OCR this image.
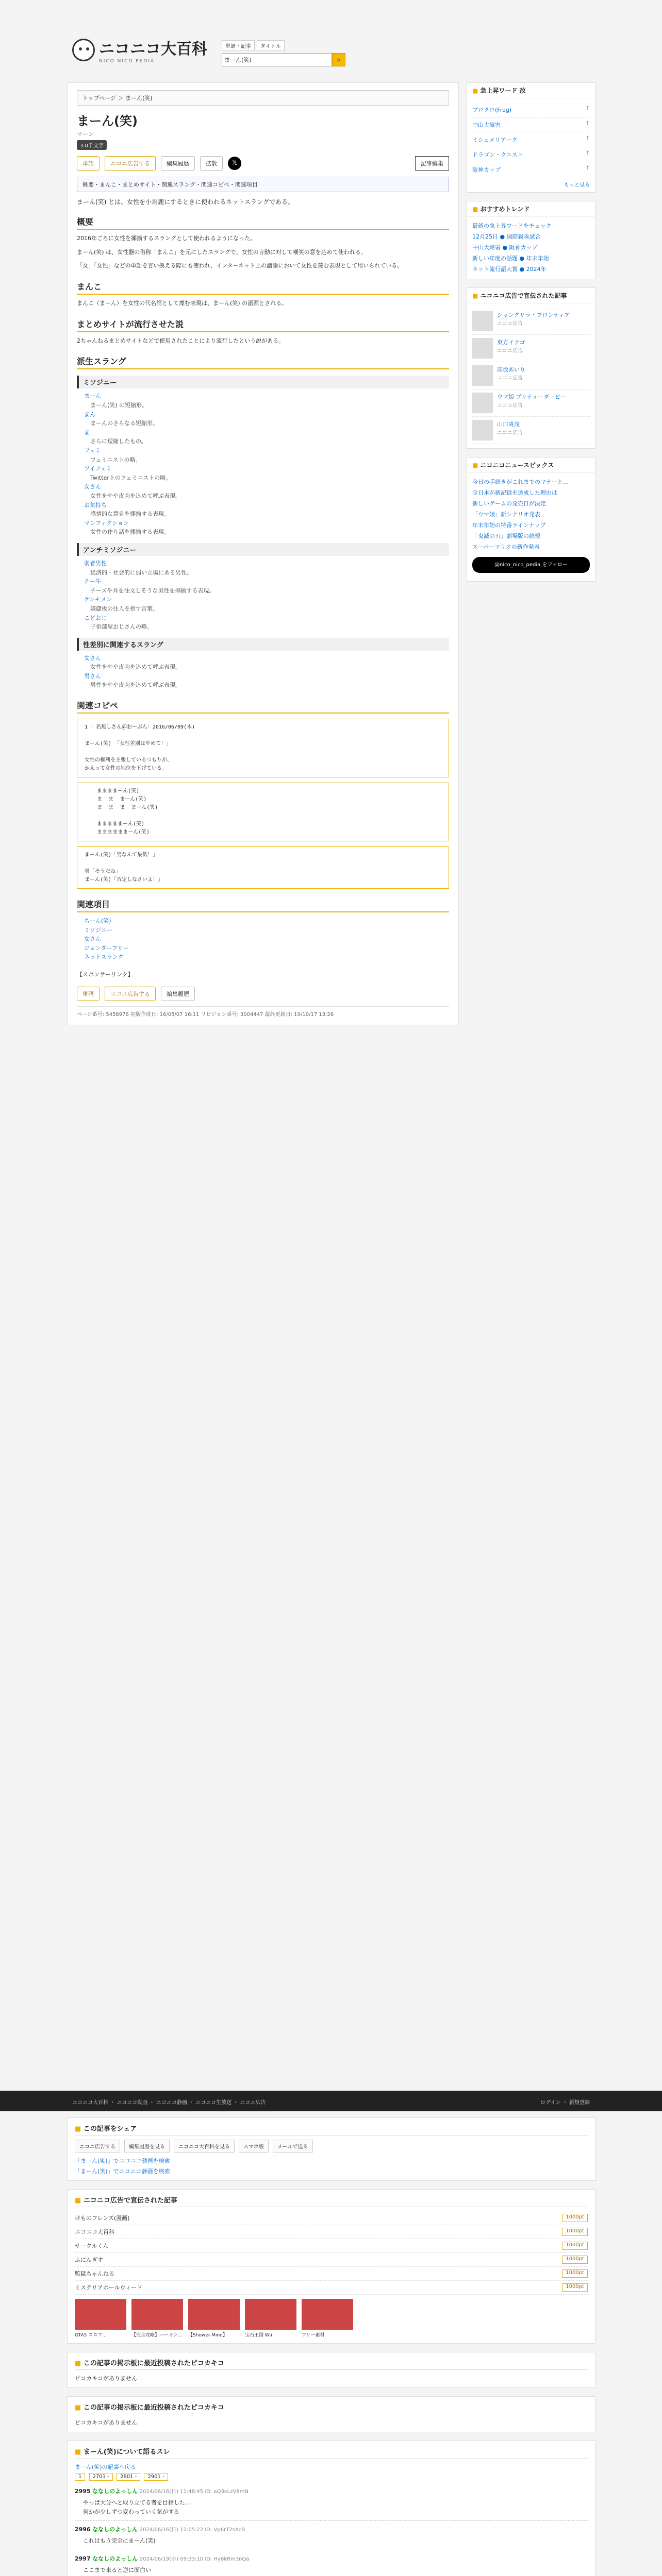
ニコニコ大百科
NICO NICO PEDIA
単語・記事	タイトル
まーん(笑)	⌕
トップページ ＞ まーん(笑)
まーん(笑)
マーン
3.0千文字
単語	ニコニ広告する	編集履歴	拡散	𝕏	記事編集
概要・まんこ・まとめサイト・関連スラング・関連コピペ・関連項目
まーん(笑) とは、女性を小馬鹿にするときに使われるネットスラングである。
概要

2016年ごろに女性を揶揄するスラングとして使われるようになった。

まーん(笑) は、女性器の俗称「まんこ」を元にしたスラングで、女性の言動に対して嘲笑の意を込めて使われる。

「女」「女性」などの単語を言い換える際にも使われ、インターネット上の議論において女性を蔑む表現として用いられている。

まんこ

まんこ（まーん）を女性の代名詞として蔑む表現は、まーん(笑) の語源とされる。

まとめサイトが流行させた説

2ちゃんねるまとめサイトなどで使用されたことにより流行したという説がある。

派生スラング
ミソジニー
まーん
まーん(笑) の短縮形。
まん
まーんのさらなる短縮形。
ま
さらに短縮したもの。
フェミ
フェミニストの略。
ツイフェミ
Twitter上のフェミニストの略。
女さん
女性をやや皮肉を込めて呼ぶ表現。
お気持ち
感情的な意見を揶揄する表現。
マンフィクション
女性の作り話を揶揄する表現。
アンチミソジニー
弱者男性
経済的・社会的に弱い立場にある男性。
チー牛
チーズ牛丼を注文しそうな男性を揶揄する表現。
ケンモメン
嫌儲板の住人を指す言葉。
こどおじ
子供部屋おじさんの略。
性差別に関連するスラング
女さん
女性をやや皮肉を込めて呼ぶ表現。
男さん
男性をやや皮肉を込めて呼ぶ表現。
関連コピペ
1 ：名無しさん＠おーぷん：2016/06/09(木)

まーん(笑) 「女性差別はやめて！」

女性の権利を主張しているつもりが、
かえって女性の地位を下げている。
ままままーん(笑)
ま  ま  まーん(笑)
ま  ま  ま  まーん(笑)

まままままーん(笑)
ままままままーん(笑)
まーん(笑)「男なんて最低！」

男「そうだね」
まーん(笑)「否定しなさいよ！」
関連項目
ちーん(笑)
ミソジニー
女さん
ジェンダーフリー
ネットスラング
【スポンサーリンク】
単語	ニコニ広告する	編集履歴
ページ番号: 5458976 初版作成日: 16/05/07 16:11 リビジョン番号: 3004447 最終更新日: 19/10/17 13:26
■ 急上昇ワード 改
ブロクロ(Frog)	↑
中山大障害	↑
ミシュメリアーク	↑
ドラゴン・クエスト	↑
阪神カップ	↑
もっと見る
■ おすすめトレンド
最新の急上昇ワードをチェック
12月25日 ● 国際親善試合
中山大障害 ● 阪神カップ
新しい年度の話題 ● 年末年始
ネット流行語大賞 ● 2024年
■ ニコニコ広告で宣伝された記事
シャングリラ・フロンティア
ニコニ広告
東方イナゴ
ニコニ広告
高坂あいり
ニコニ広告
ウマ娘 プリティーダービー
ニコニ広告
山口爽茂
ニコニ広告
■ ニコニコニュースピックス
今日の手続きがこれまでのマナーと…
全日本が新記録を達成した理由は
新しいゲームの発売日が決定
「ウマ娘」新シナリオ発表
年末年始の特番ラインナップ
「鬼滅の刃」劇場版の続報
スーパーマリオの新作発表
@nico_nico_pedia をフォロー
ニコニコ大百科 ・ ニコニコ動画 ・ ニコニコ静画 ・ ニコニコ生放送 ・ ニコニ広告	ログイン ・ 新規登録
■ この記事をシェア
ニコニ広告する	編集履歴を見る	ニコニコ大百科を見る	スマホ版	メールで送る
「まーん(笑)」でニコニコ動画を検索
「まーん(笑)」でニコニコ静画を検索
■ ニコニコ広告で宣伝された記事
けものフレンズ(漫画)	1000pt
ニコニコ大百科	1000pt
サークルくん	1000pt
ふにんぎす	1000pt
監獄ちゃんねる	1000pt
ミステリアホールウィード	1000pt
GTA5 スロフ...	【完全攻略】ハーキン... 【Shower-Mind】	宝石王国 Wii	フリー素材
■ この記事の掲示板に最近投稿されたピコカキコ
ピコカキコがありません
■ この記事の掲示板に最近投稿されたピコカキコ
ピコカキコがありません
■ まーん(笑)について語るスレ
まーん(笑)の記事へ戻る
1 2701 - 2801 - 2901 -
2995 ななしのよっしん 2024/06/16(日) 11:48:45 ID: aQ3kLzV8mN
やっぱ大分へと取り立てる者を目指した…
何かが少しずつ変わっていく気がする
2996 ななしのよっしん 2024/06/16(日) 12:05:22 ID: Vp6rT2sXcB
これはもう完全にまーん(笑)
2997 ななしのよっしん 2024/06/19(水) 09:33:10 ID: Hy8kRm3nQa
ここまで来ると逆に面白い
